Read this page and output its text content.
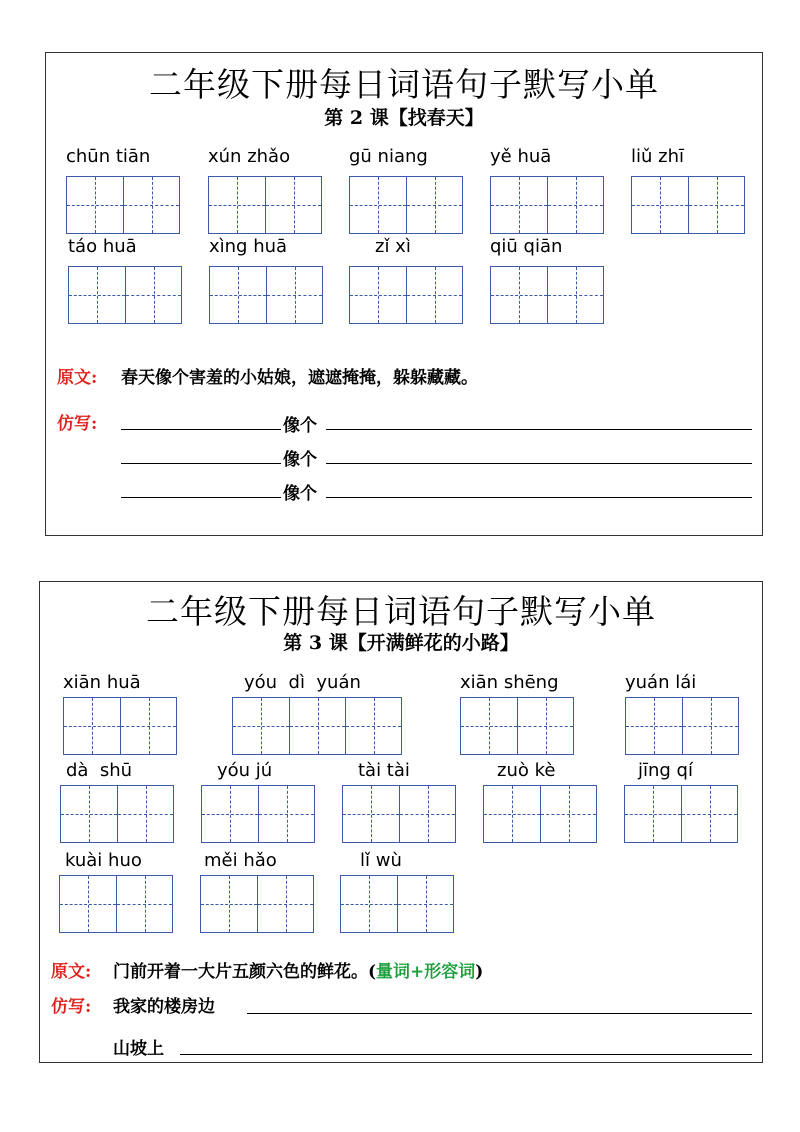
二年级下册每日词语句子默写小单
第 2 课【找春天】
chūn tiān	xún zhǎo	gū niang	yě huā	liǔ zhī
táo huā	xìng huā	zǐ xì	qiū qiān
原文: 春天像个害羞的小姑娘，遮遮掩掩，躲躲藏藏。
仿写:	像个
像个
像个
二年级下册每日词语句子默写小单
第 3 课【开满鲜花的小路】
xiān huā	yóu  dì  yuán	xiān shēng	yuán lái
dà  shū	yóu jú	tài tài	zuò kè	jīng qí
kuài huo	měi hǎo	lǐ wù
原文: 门前开着一大片五颜六色的鲜花。(量词+形容词)
仿写: 我家的楼房边
山坡上
